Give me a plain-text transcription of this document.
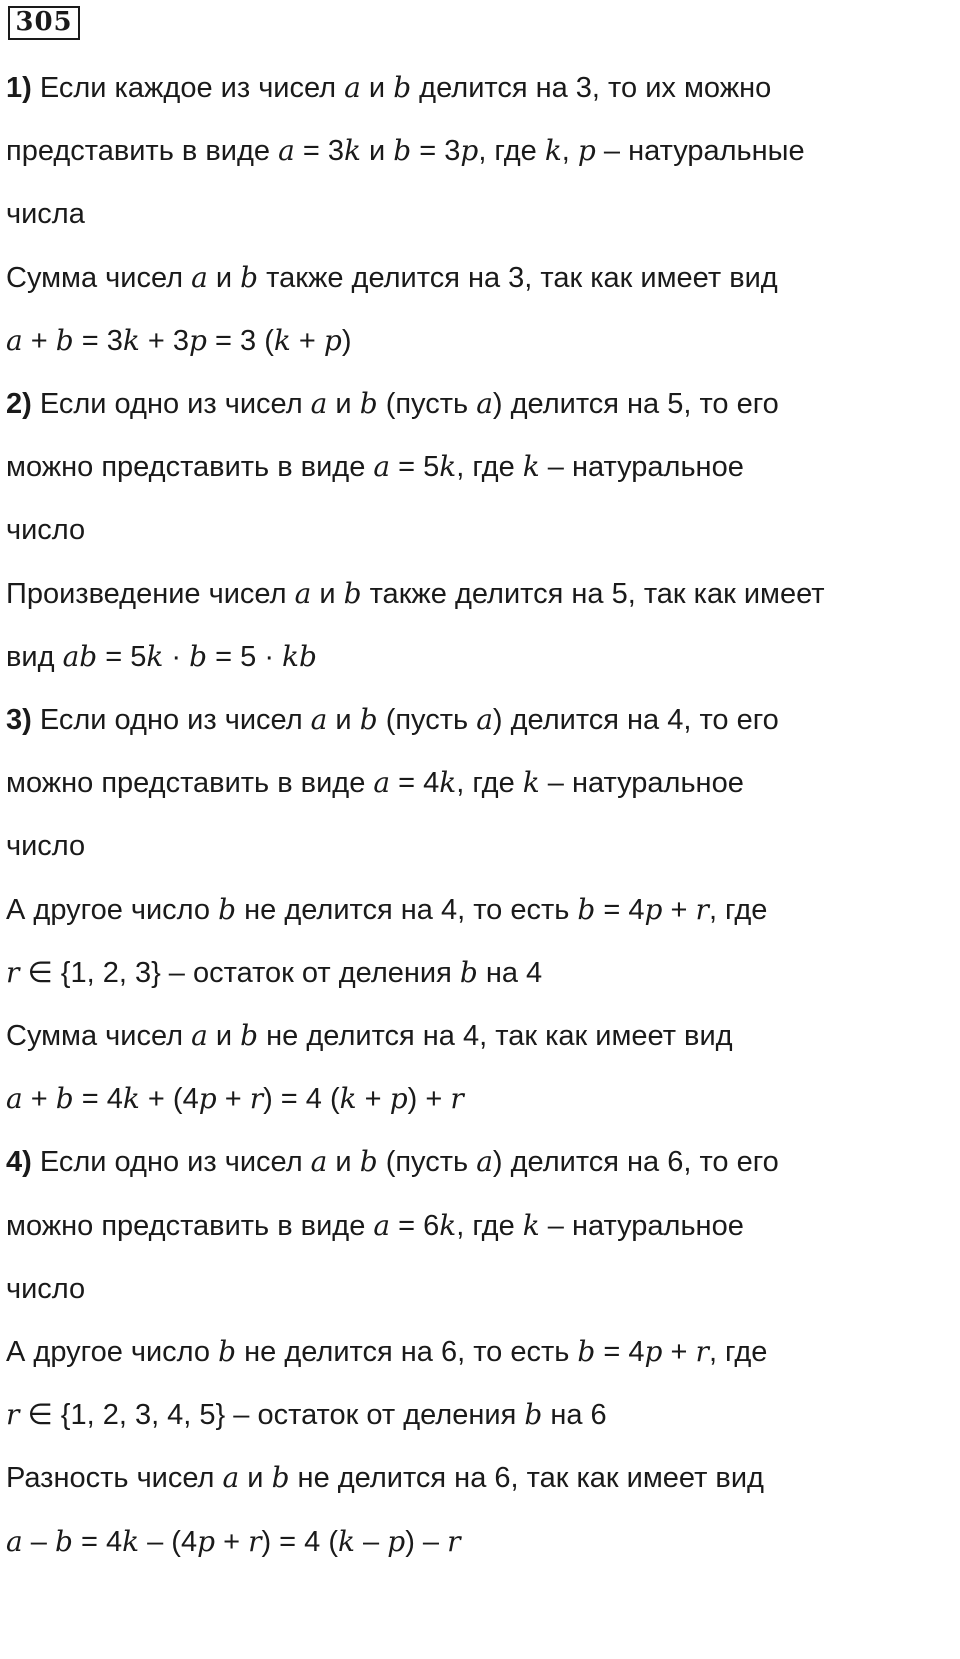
305
1) Если каждое из чисел a и b делится на 3, то их можно
представить в виде a = 3k и b = 3p, где k, p – натуральные
числа
Сумма чисел a и b также делится на 3, так как имеет вид
a + b = 3k + 3p = 3 (k + p)
2) Если одно из чисел a и b (пусть a) делится на 5, то его
можно представить в виде a = 5k, где k – натуральное
число
Произведение чисел a и b также делится на 5, так как имеет
вид ab = 5k · b = 5 · kb
3) Если одно из чисел a и b (пусть a) делится на 4, то его
можно представить в виде a = 4k, где k – натуральное
число
А другое число b не делится на 4, то есть b = 4p + r, где
r ∈ {1, 2, 3} – остаток от деления b на 4
Сумма чисел a и b не делится на 4, так как имеет вид
a + b = 4k + (4p + r) = 4 (k + p) + r
4) Если одно из чисел a и b (пусть a) делится на 6, то его
можно представить в виде a = 6k, где k – натуральное
число
А другое число b не делится на 6, то есть b = 4p + r, где
r ∈ {1, 2, 3, 4, 5} – остаток от деления b на 6
Разность чисел a и b не делится на 6, так как имеет вид
a – b = 4k – (4p + r) = 4 (k – p) – r
